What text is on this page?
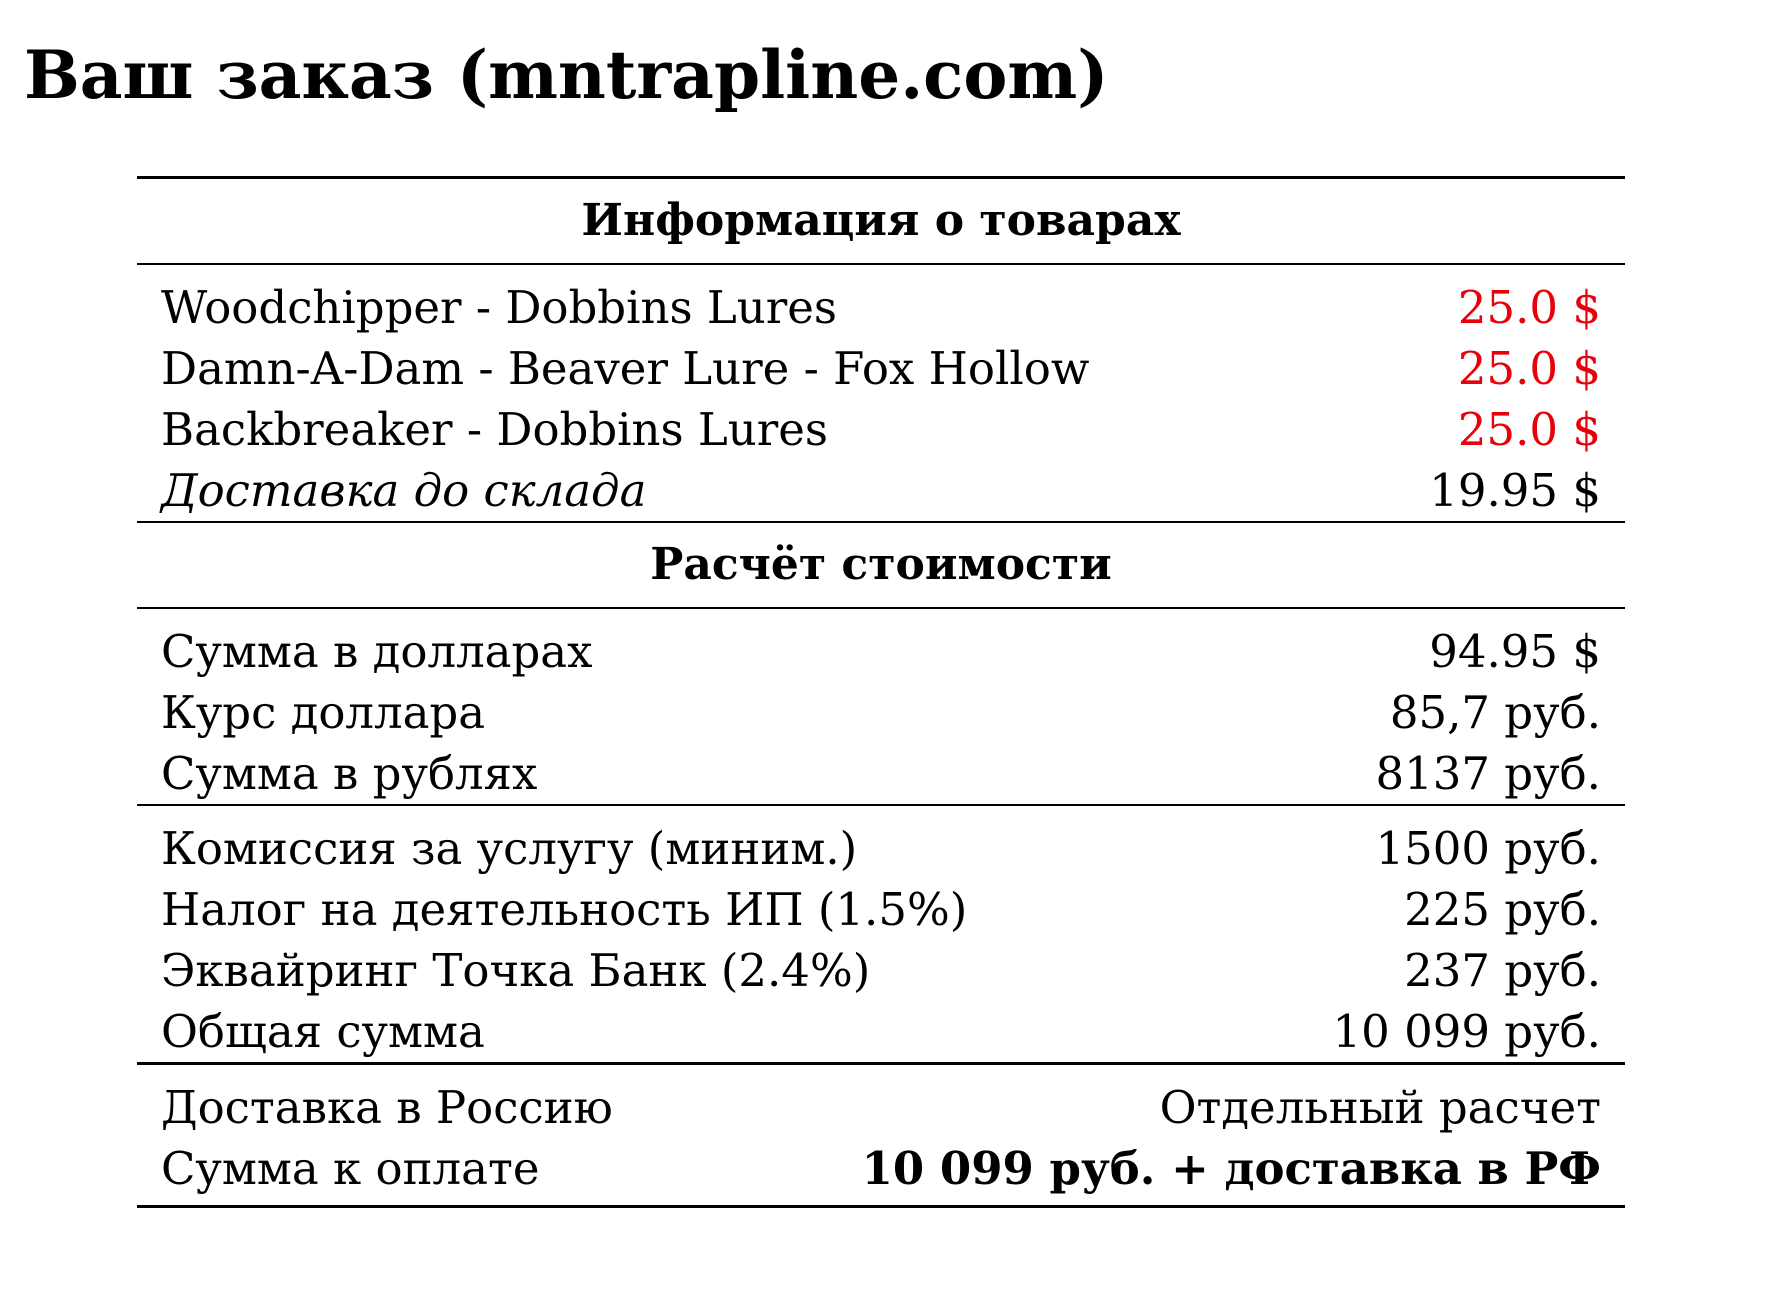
Ваш заказ (mntrapline.com)
Информация о товарах
Woodchipper - Dobbins Lures	25.0 $
Damn-A-Dam - Beaver Lure - Fox Hollow	25.0 $
Backbreaker - Dobbins Lures	25.0 $
Доставка до склада	19.95 $
Расчёт стоимости
Сумма в долларах	94.95 $
Курс доллара	85,7 руб.
Сумма в рублях	8137 руб.
Комиссия за услугу (миним.)	1500 руб.
Налог на деятельность ИП (1.5%)	225 руб.
Эквайринг Точка Банк (2.4%)	237 руб.
Общая сумма	10 099 руб.
Доставка в Россию	Отдельный расчет
Сумма к оплате	10 099 руб. + доставка в РФ
